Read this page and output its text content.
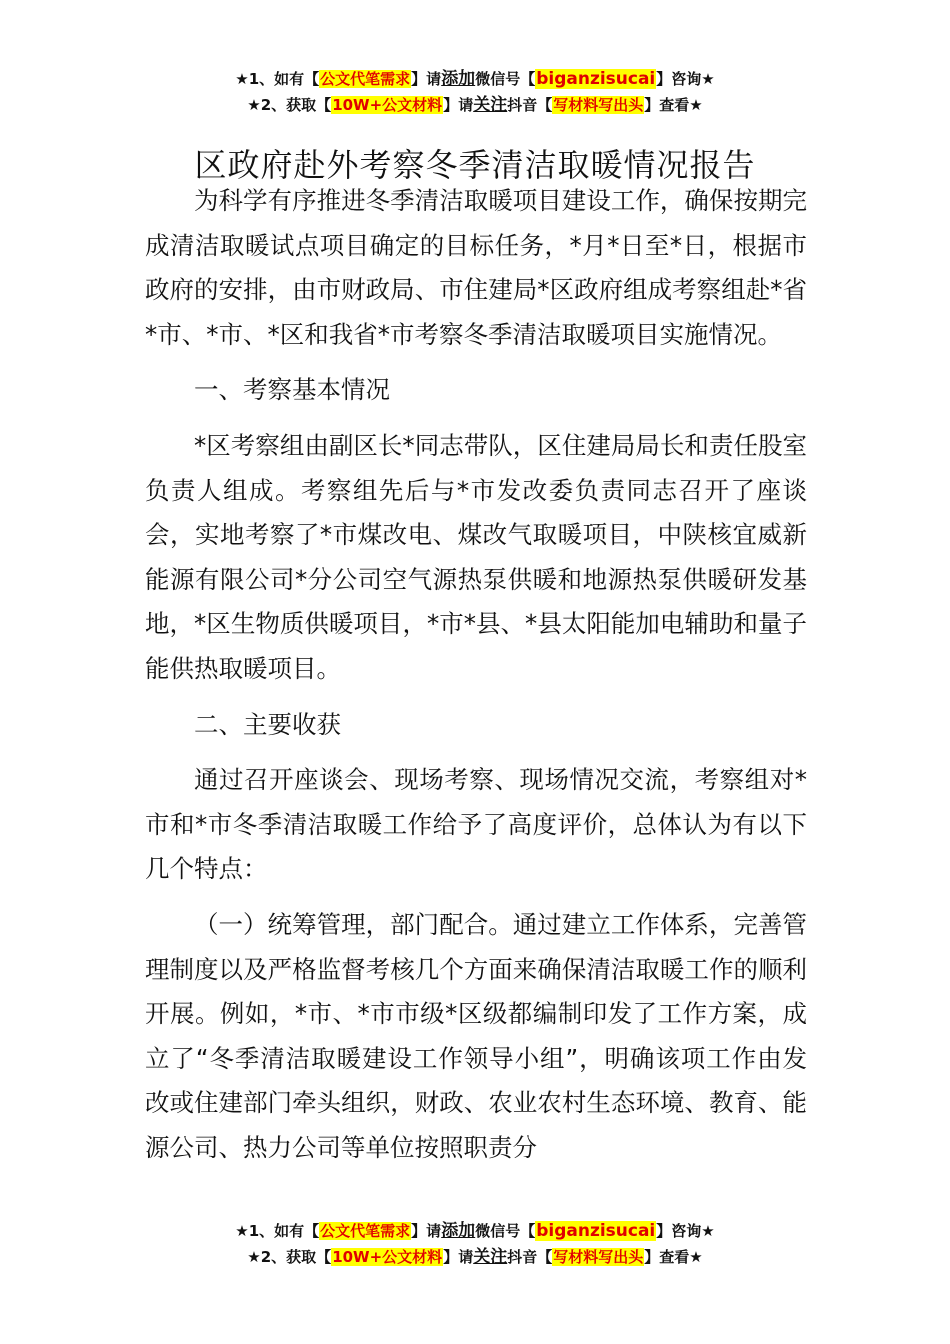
★1、如有【公文代笔需求】请添加微信号【biganzisucai】咨询★
★2、获取【10W+公文材料】请关注抖音【写材料写出头】查看★
区政府赴外考察冬季清洁取暖情况报告

为科学有序推进冬季清洁取暖项目建设工作，确保按期完成清洁取暖试点项目确定的目标任务，*月*日至*日，根据市政府的安排，由市财政局、市住建局*区政府组成考察组赴*省*市、*市、*区和我省*市考察冬季清洁取暖项目实施情况。

一、考察基本情况

*区考察组由副区长*同志带队，区住建局局长和责任股室负责人组成。考察组先后与*市发改委负责同志召开了座谈会，实地考察了*市煤改电、煤改气取暖项目，中陕核宜威新能源有限公司*分公司空气源热泵供暖和地源热泵供暖研发基地，*区生物质供暖项目，*市*县、*县太阳能加电辅助和量子能供热取暖项目。

二、主要收获

通过召开座谈会、现场考察、现场情况交流，考察组对*市和*市冬季清洁取暖工作给予了高度评价，总体认为有以下几个特点：

（一）统筹管理，部门配合。通过建立工作体系，完善管理制度以及严格监督考核几个方面来确保清洁取暖工作的顺利开展。例如，*市、*市市级*区级都编制印发了工作方案，成立了“冬季清洁取暖建设工作领导小组”，明确该项工作由发改或住建部门牵头组织，财政、农业农村生态环境、教育、能源公司、热力公司等单位按照职责分

★1、如有【公文代笔需求】请添加微信号【biganzisucai】咨询★
★2、获取【10W+公文材料】请关注抖音【写材料写出头】查看★
